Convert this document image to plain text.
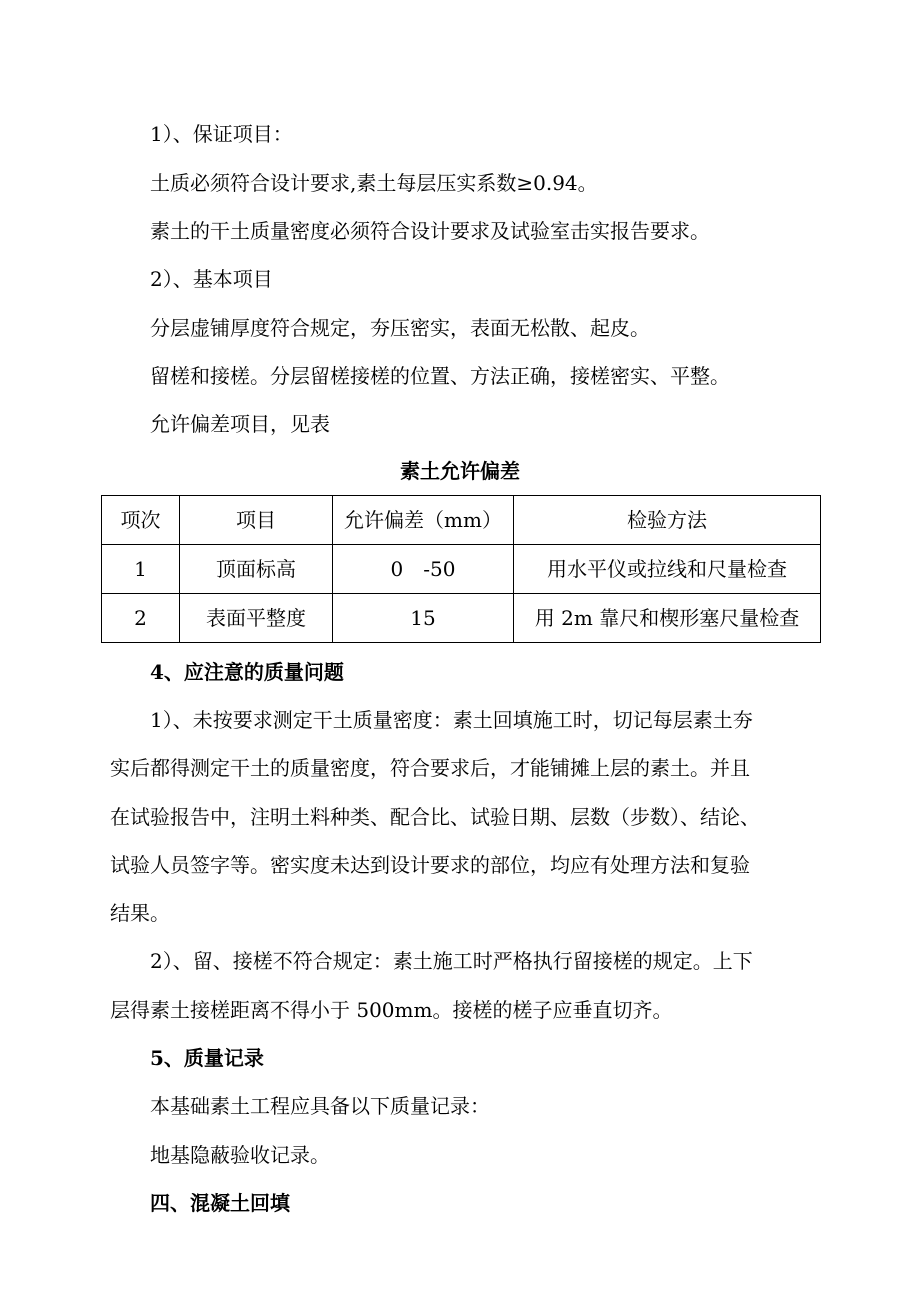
1）、保证项目：
土质必须符合设计要求,素土每层压实系数≥0.94。
素土的干土质量密度必须符合设计要求及试验室击实报告要求。
2）、基本项目
分层虚铺厚度符合规定，夯压密实，表面无松散、起皮。
留槎和接槎。分层留槎接槎的位置、方法正确，接槎密实、平整。
允许偏差项目，见表
素土允许偏差
项次	项目	允许偏差（mm）	检验方法
1	顶面标高	0　-50	用水平仪或拉线和尺量检查
2	表面平整度	15	用 2m 靠尺和楔形塞尺量检查
4、应注意的质量问题
1）、未按要求测定干土质量密度：素土回填施工时，切记每层素土夯
实后都得测定干土的质量密度，符合要求后，才能铺摊上层的素土。并且
在试验报告中，注明土料种类、配合比、试验日期、层数（步数）、结论、
试验人员签字等。密实度未达到设计要求的部位，均应有处理方法和复验
结果。
2）、留、接槎不符合规定：素土施工时严格执行留接槎的规定。上下
层得素土接槎距离不得小于 500mm。接槎的槎子应垂直切齐。
5、质量记录
本基础素土工程应具备以下质量记录：
地基隐蔽验收记录。
四、混凝土回填
